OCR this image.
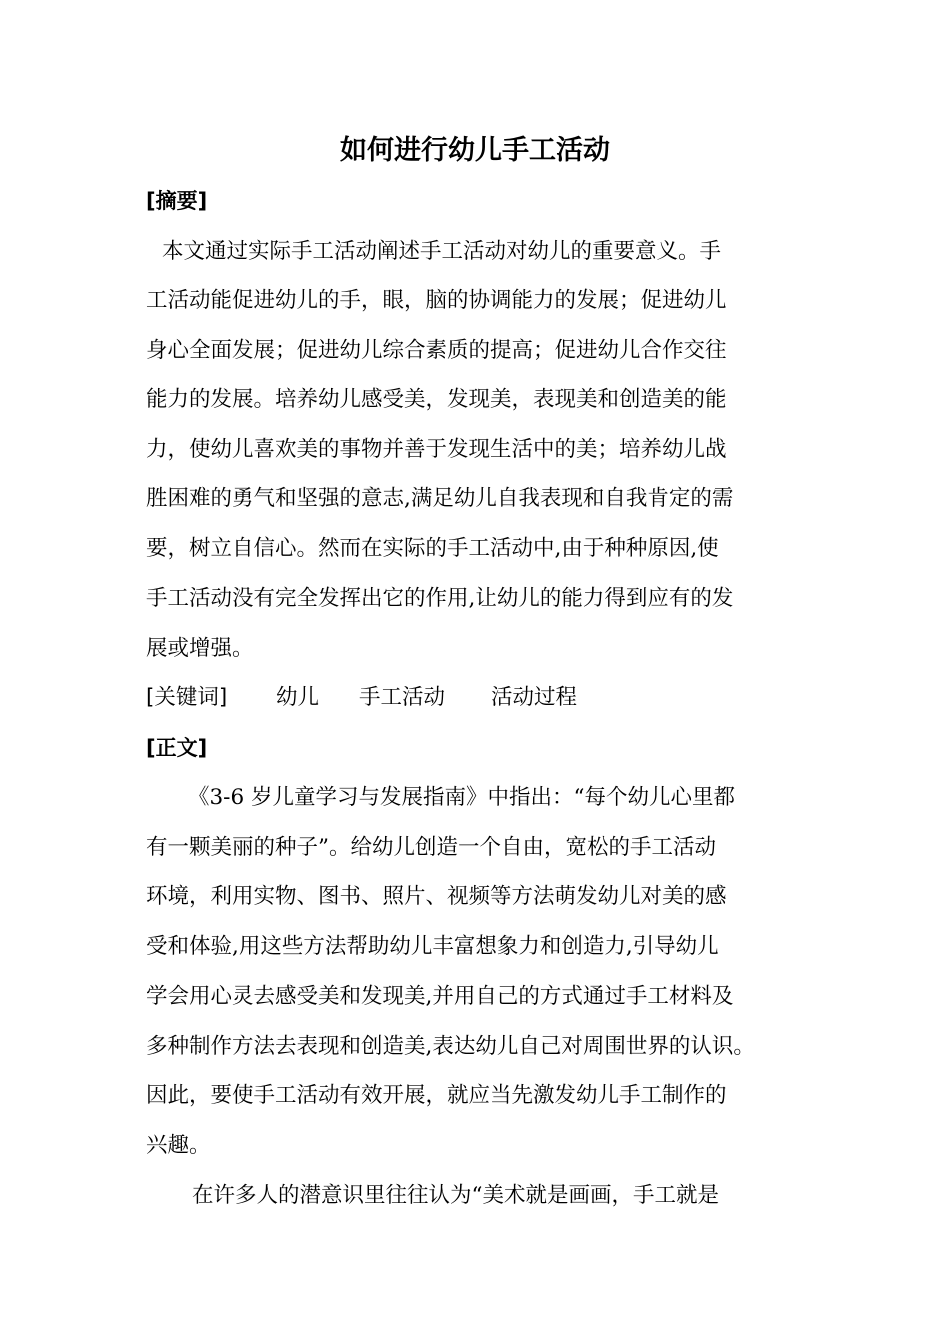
如何进行幼儿手工活动
[摘要]
本文通过实际手工活动阐述手工活动对幼儿的重要意义。手
工活动能促进幼儿的手，眼，脑的协调能力的发展；促进幼儿
身心全面发展；促进幼儿综合素质的提高；促进幼儿合作交往
能力的发展。培养幼儿感受美，发现美，表现美和创造美的能
力，使幼儿喜欢美的事物并善于发现生活中的美；培养幼儿战
胜困难的勇气和坚强的意志,满足幼儿自我表现和自我肯定的需
要，树立自信心。然而在实际的手工活动中,由于种种原因,使
手工活动没有完全发挥出它的作用,让幼儿的能力得到应有的发
展或增强。
[关键词] 幼儿 手工活动 活动过程
[正文]
《3-6 岁儿童学习与发展指南》中指出：“每个幼儿心里都
有一颗美丽的种子”。给幼儿创造一个自由，宽松的手工活动
环境，利用实物、图书、照片、视频等方法萌发幼儿对美的感
受和体验,用这些方法帮助幼儿丰富想象力和创造力,引导幼儿
学会用心灵去感受美和发现美,并用自己的方式通过手工材料及
多种制作方法去表现和创造美,表达幼儿自己对周围世界的认识。
因此，要使手工活动有效开展，就应当先激发幼儿手工制作的
兴趣。
在许多人的潜意识里往往认为“美术就是画画，手工就是
